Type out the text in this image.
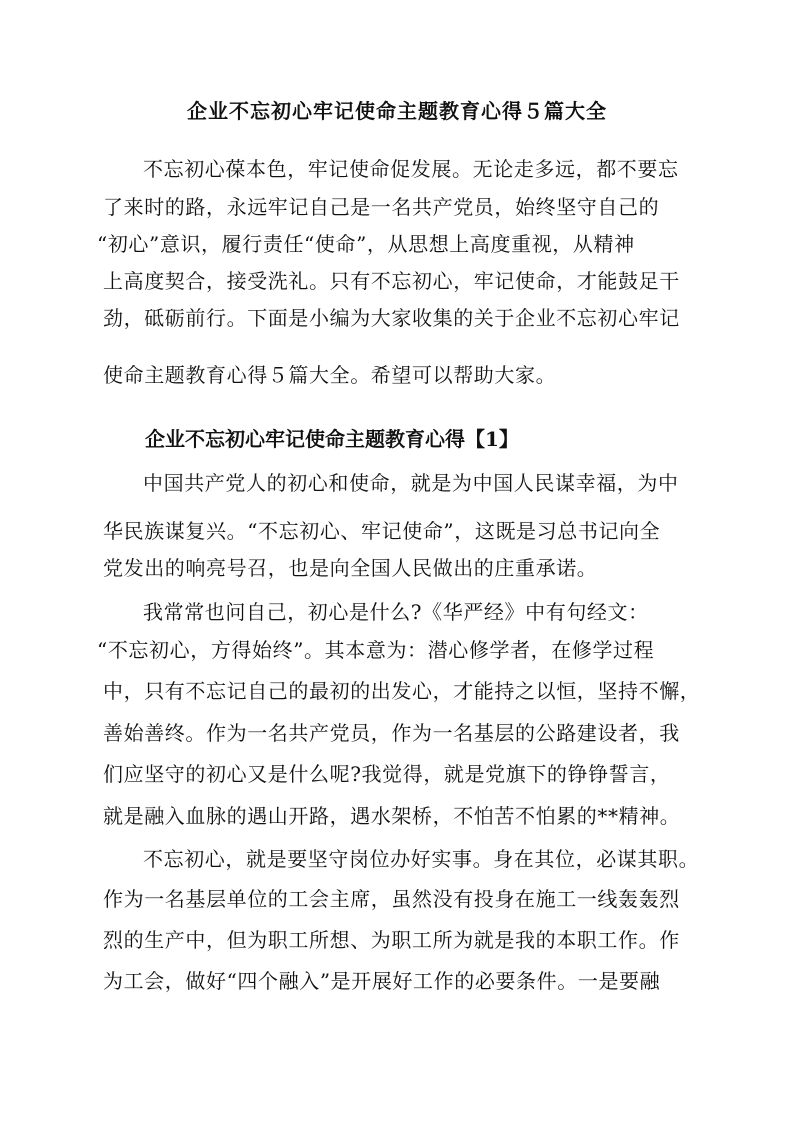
企业不忘初心牢记使命主题教育心得５篇大全
不忘初心葆本色，牢记使命促发展。无论走多远，都不要忘
了来时的路，永远牢记自己是一名共产党员，始终坚守自己的
“初心”意识，履行责任“使命”，从思想上高度重视，从精神
上高度契合，接受洗礼。只有不忘初心，牢记使命，才能鼓足干
劲，砥砺前行。下面是小编为大家收集的关于企业不忘初心牢记
使命主题教育心得５篇大全。希望可以帮助大家。
企业不忘初心牢记使命主题教育心得【1】
中国共产党人的初心和使命，就是为中国人民谋幸福，为中
华民族谋复兴。“不忘初心、牢记使命”，这既是习总书记向全
党发出的响亮号召，也是向全国人民做出的庄重承诺。
我常常也问自己，初心是什么?《华严经》中有句经文：
“不忘初心，方得始终”。其本意为：潜心修学者，在修学过程
中，只有不忘记自己的最初的出发心，才能持之以恒，坚持不懈，
善始善终。作为一名共产党员，作为一名基层的公路建设者，我
们应坚守的初心又是什么呢?我觉得，就是党旗下的铮铮誓言，
就是融入血脉的遇山开路，遇水架桥，不怕苦不怕累的**精神。
不忘初心，就是要坚守岗位办好实事。身在其位，必谋其职。
作为一名基层单位的工会主席，虽然没有投身在施工一线轰轰烈
烈的生产中，但为职工所想、为职工所为就是我的本职工作。作
为工会，做好“四个融入”是开展好工作的必要条件。一是要融
